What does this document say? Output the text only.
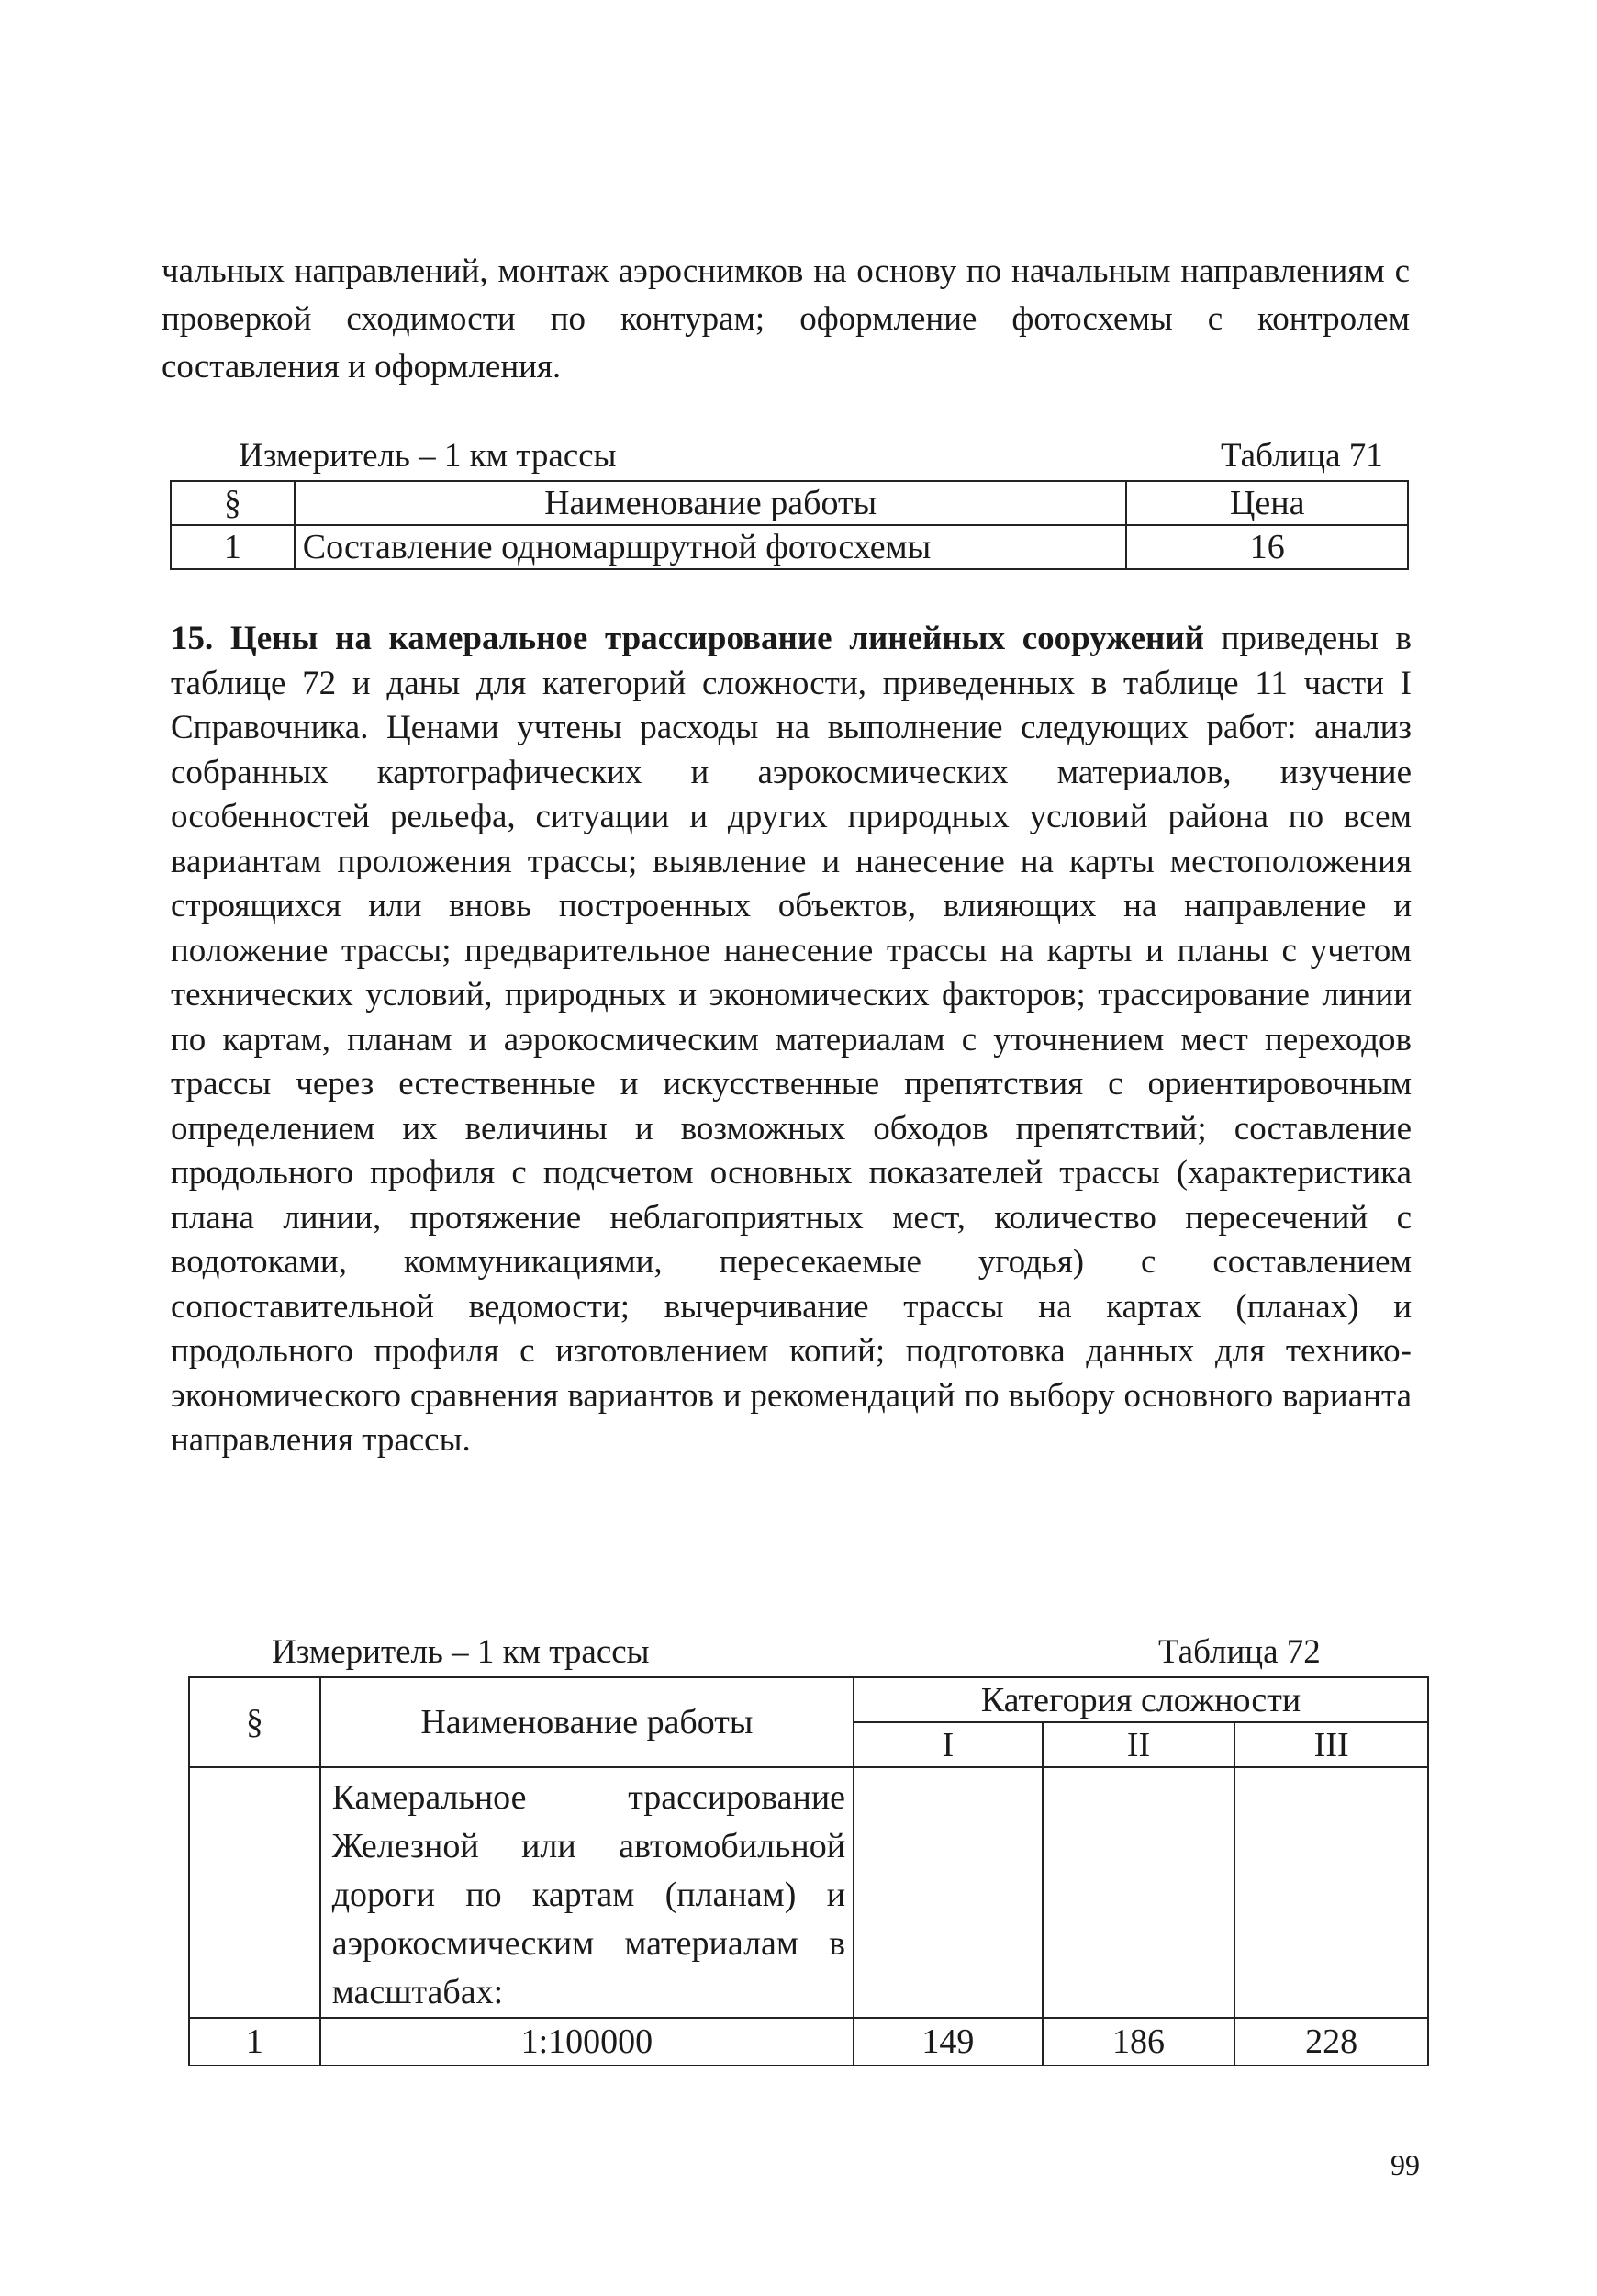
чальных направлений, монтаж аэроснимков на основу по начальным направлениям с проверкой сходимости по контурам; оформление фотосхемы с контролем составления и оформления.
Измеритель – 1 км трассы	Таблица 71
§	Наименование работы	Цена
1	Составление одномаршрутной фотосхемы	16
15. Цены на камеральное трассирование линейных сооружений приведены в таблице 72 и даны для категорий сложности, приведенных в таблице 11 части I Справочника. Ценами учтены расходы на выполнение следующих работ: анализ собранных картографических и аэрокосмических материалов, изучение особенностей рельефа, ситуации и других природных условий района по всем вариантам проложения трассы; выявление и нанесение на карты местоположения строящихся или вновь построенных объектов, влияющих на направление и положение трассы; предварительное нанесение трассы на карты и планы с учетом технических условий, природных и экономических факторов; трассирование линии по картам, планам и аэрокосмическим материалам с уточнением мест переходов трассы через естественные и искусственные препятствия с ориентировочным определением их величины и возможных обходов препятствий; составление продольного профиля с подсчетом основных показателей трассы (характеристика плана линии, протяжение неблагоприятных мест, количество пересечений с водотоками, коммуникациями, пересекаемые угодья) с составлением сопоставительной ведомости; вычерчивание трассы на картах (планах) и продольного профиля с изготовлением копий; подготовка данных для технико-экономического сравнения вариантов и рекомендаций по выбору основного варианта направления трассы.
Измеритель – 1 км трассы	Таблица 72
§	Наименование работы	Категория сложности		
		I	II	III
	Камеральное трассирование Железной или автомобильной дороги по картам (планам) и аэрокосмическим материалам в масштабах:			
1	1:100000	149	186	228
99
